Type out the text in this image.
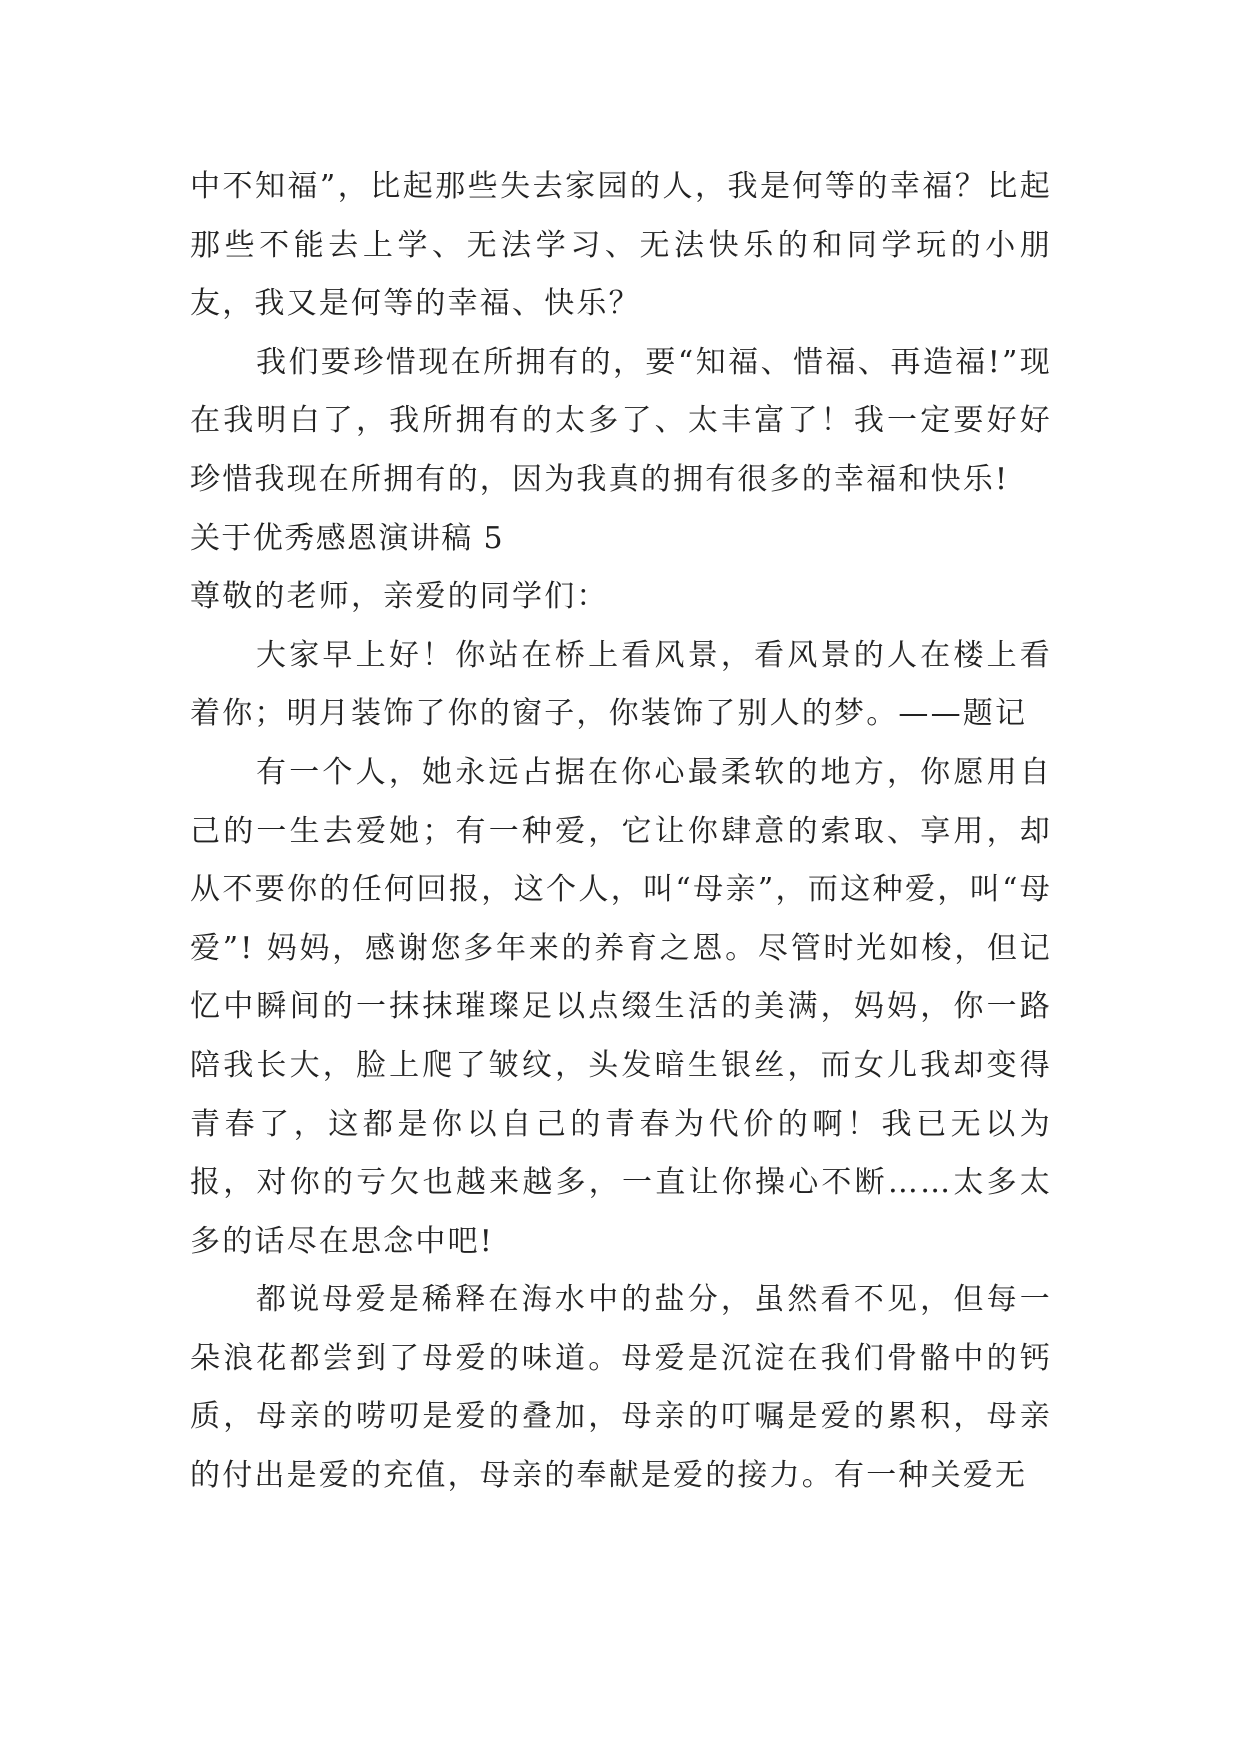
中不知福”，比起那些失去家园的人，我是何等的幸福？比起那些不能去上学、无法学习、无法快乐的和同学玩的小朋友，我又是何等的幸福、快乐？

我们要珍惜现在所拥有的，要“知福、惜福、再造福!”现在我明白了，我所拥有的太多了、太丰富了！我一定要好好珍惜我现在所拥有的，因为我真的拥有很多的幸福和快乐!

关于优秀感恩演讲稿 5

尊敬的老师，亲爱的同学们：

大家早上好！你站在桥上看风景，看风景的人在楼上看着你；明月装饰了你的窗子，你装饰了别人的梦。——题记

有一个人，她永远占据在你心最柔软的地方，你愿用自己的一生去爱她；有一种爱，它让你肆意的索取、享用，却从不要你的任何回报，这个人，叫“母亲”，而这种爱，叫“母爱”! 妈妈，感谢您多年来的养育之恩。尽管时光如梭，但记忆中瞬间的一抹抹璀璨足以点缀生活的美满，妈妈，你一路陪我长大，脸上爬了皱纹，头发暗生银丝，而女儿我却变得青春了，这都是你以自己的青春为代价的啊！我已无以为报，对你的亏欠也越来越多，一直让你操心不断……太多太多的话尽在思念中吧!

都说母爱是稀释在海水中的盐分，虽然看不见，但每一朵浪花都尝到了母爱的味道。母爱是沉淀在我们骨骼中的钙质，母亲的唠叨是爱的叠加，母亲的叮嘱是爱的累积，母亲的付出是爱的充值，母亲的奉献是爱的接力。有一种关爱无
